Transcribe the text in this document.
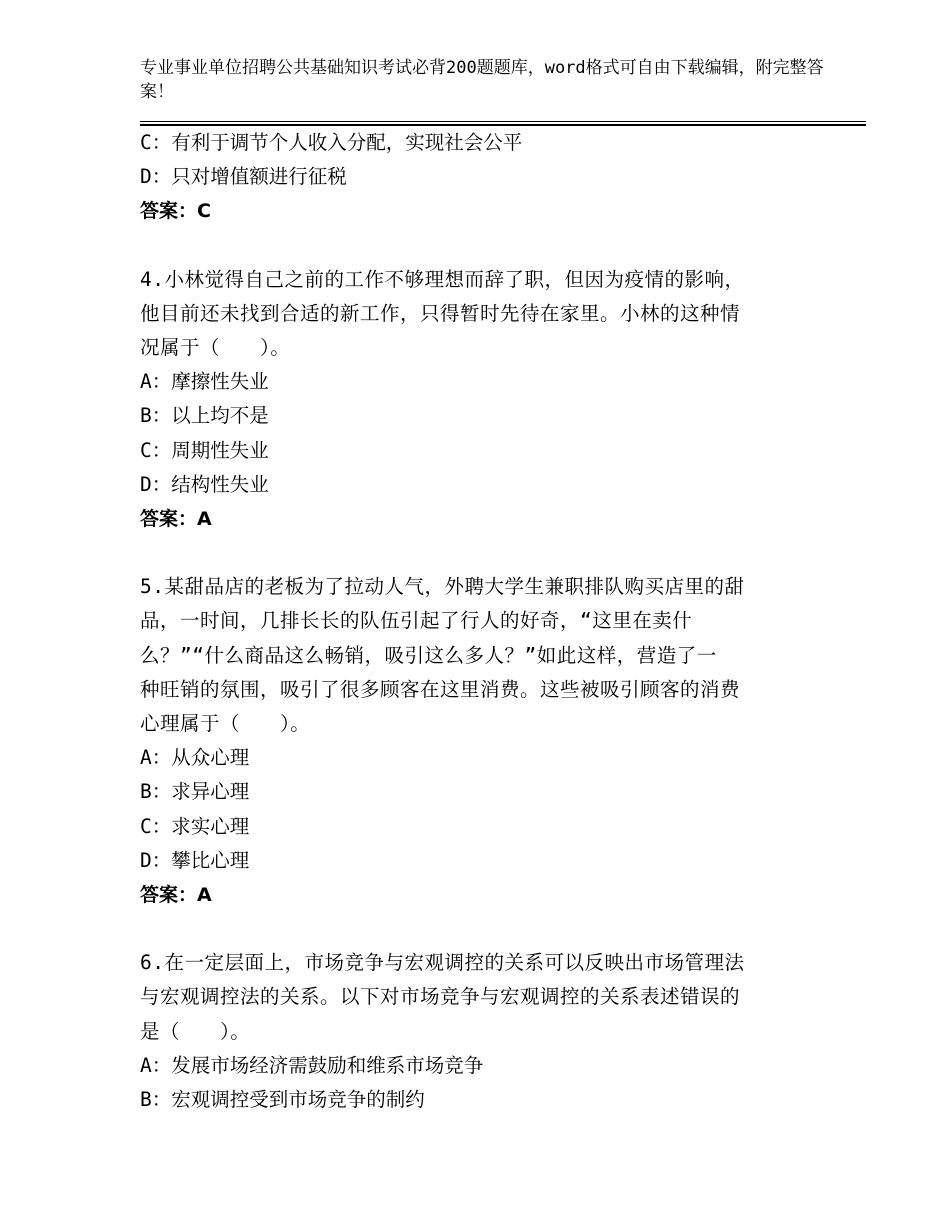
专业事业单位招聘公共基础知识考试必背200题题库，word格式可自由下载编辑，附完整答案！
C：有利于调节个人收入分配，实现社会公平
D：只对增值额进行征税
答案：C
4.小林觉得自己之前的工作不够理想而辞了职，但因为疫情的影响，
他目前还未找到合适的新工作，只得暂时先待在家里。小林的这种情
况属于（　　）。
A：摩擦性失业
B：以上均不是
C：周期性失业
D：结构性失业
答案：A
5.某甜品店的老板为了拉动人气，外聘大学生兼职排队购买店里的甜
品，一时间，几排长长的队伍引起了行人的好奇，“这里在卖什
么？”“什么商品这么畅销，吸引这么多人？”如此这样，营造了一
种旺销的氛围，吸引了很多顾客在这里消费。这些被吸引顾客的消费
心理属于（　　）。
A：从众心理
B：求异心理
C：求实心理
D：攀比心理
答案：A
6.在一定层面上，市场竞争与宏观调控的关系可以反映出市场管理法
与宏观调控法的关系。以下对市场竞争与宏观调控的关系表述错误的
是（　　）。
A：发展市场经济需鼓励和维系市场竞争
B：宏观调控受到市场竞争的制约
